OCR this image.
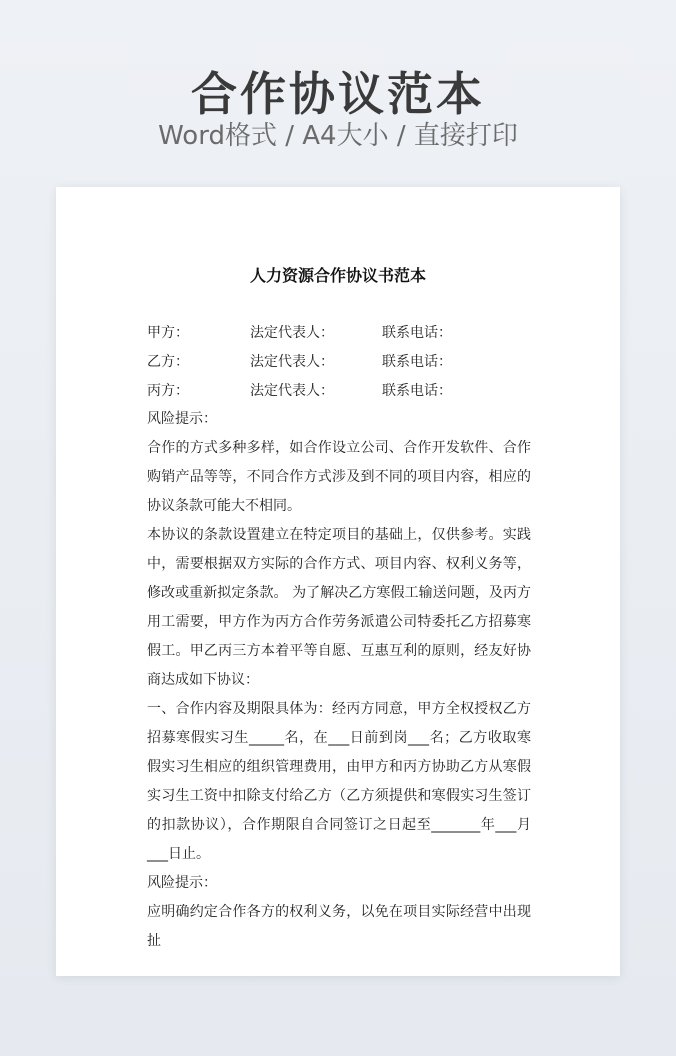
合作协议范本
Word格式 / A4大小 / 直接打印
人力资源合作协议书范本
甲方：	法定代表人：	联系电话：
乙方：	法定代表人：	联系电话：
丙方：	法定代表人：	联系电话：

风险提示：

合作的方式多种多样，如合作设立公司、合作开发软件、合作购销产品等等，不同合作方式涉及到不同的项目内容，相应的协议条款可能大不相同。

本协议的条款设置建立在特定项目的基础上，仅供参考。实践中，需要根据双方实际的合作方式、项目内容、权利义务等，修改或重新拟定条款。 为了解决乙方寒假工输送问题，及丙方用工需要，甲方作为丙方合作劳务派遣公司特委托乙方招募寒假工。甲乙丙三方本着平等自愿、互惠互利的原则，经友好协商达成如下协议：

一、合作内容及期限具体为：经丙方同意，甲方全权授权乙方招募寒假实习生_____名，在___日前到岗___名；乙方收取寒假实习生相应的组织管理费用，由甲方和丙方协助乙方从寒假实习生工资中扣除支付给乙方（乙方须提供和寒假实习生签订的扣款协议），合作期限自合同签订之日起至_______年___月___日止。

风险提示：

应明确约定合作各方的权利义务，以免在项目实际经营中出现扯
